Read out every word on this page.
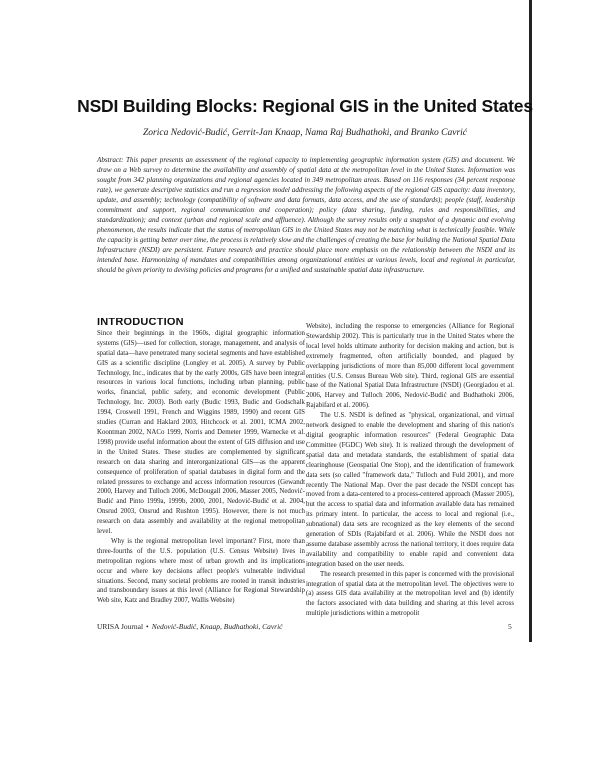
NSDI Building Blocks: Regional GIS in the United States
Zorica Nedović-Budić, Gerrit-Jan Knaap, Nama Raj Budhathoki, and Branko Cavrić
Abstract: This paper presents an assessment of the regional capacity to implementing geographic information system (GIS) and document. We draw on a Web survey to determine the availability and assembly of spatial data at the metropolitan level in the United States. Information was sought from 342 planning organizations and regional agencies located in 349 metropolitan areas. Based on 116 responses (34 percent response rate), we generate descriptive statistics and run a regression model addressing the following aspects of the regional GIS capacity: data inventory, update, and assembly; technology (compatibility of software and data formats, data access, and the use of standards); people (staff, leadership commitment and support, regional communication and cooperation); policy (data sharing, funding, rules and responsibilities, and standardization); and context (urban and regional scale and affluence). Although the survey results only a snapshot of a dynamic and evolving phenomenon, the results indicate that the status of metropolitan GIS in the United States may not be matching what is technically feasible. While the capacity is getting better over time, the process is relatively slow and the challenges of creating the base for building the National Spatial Data Infrastructure (NSDI) are persistent. Future research and practice should place more emphasis on the relationship between the NSDI and its intended base. Harmonizing of mandates and compatibilities among organizational entities at various levels, local and regional in particular, should be given priority to devising policies and programs for a unified and sustainable spatial data infrastructure.
INTRODUCTION

Since their beginnings in the 1960s, digital geographic information systems (GIS)—used for collection, storage, management, and analysis of spatial data—have penetrated many societal segments and have established GIS as a scientific discipline (Longley et al. 2005). A survey by Public Technology, Inc., indicates that by the early 2000s, GIS have been integral resources in various local functions, including urban planning, public works, financial, public safety, and economic development (Public Technology, Inc. 2003). Both early (Budic 1993, Budic and Godschalk 1994, Croswell 1991, French and Wiggins 1989, 1990) and recent GIS studies (Curran and Haklard 2003, Hitchcock et al. 2001, ICMA 2002, Koontman 2002, NACo 1999, Norris and Demeter 1999, Warnecke et al. 1998) provide useful information about the extent of GIS diffusion and use in the United States. These studies are complemented by significant research on data sharing and interorganizational GIS—as the apparent consequence of proliferation of spatial databases in digital form and the related pressures to exchange and access information resources (Gewandt 2000, Harvey and Tulloch 2006, McDougall 2006, Masser 2005, Nedović-Budić and Pinto 1999a, 1999b, 2000, 2001, Nedović-Budić et al. 2004, Onsrud 2003, Onsrud and Rushton 1995). However, there is not much research on data assembly and availability at the regional metropolitan level.

Why is the regional metropolitan level important? First, more than three-fourths of the U.S. population (U.S. Census Website) lives in metropolitan regions where most of urban growth and its implications occur and where key decisions affect people's vulnerable individual situations. Second, many societal problems are rooted in transit industries and transboundary issues at this level (Alliance for Regional Stewardship Web site, Katz and Bradley 2007, Wallis Website)

Website), including the response to emergencies (Alliance for Regional Stewardship 2002). This is particularly true in the United States where the local level holds ultimate authority for decision making and action, but is extremely fragmented, often artificially bounded, and plagued by overlapping jurisdictions of more than 85,000 different local government entities (U.S. Census Bureau Web site). Third, regional GIS are essential base of the National Spatial Data Infrastructure (NSDI) (Georgiadou et al. 2006, Harvey and Tulloch 2006, Nedović-Budić and Budhathoki 2006, Rajabifard et al. 2006).

The U.S. NSDI is defined as "physical, organizational, and virtual network designed to enable the development and sharing of this nation's digital geographic information resources" (Federal Geographic Data Committee (FGDC) Web site). It is realized through the development of spatial data and metadata standards, the establishment of spatial data clearinghouse (Geospatial One Stop), and the identification of framework data sets (so called "framework data," Tulloch and Fuld 2001), and more recently The National Map. Over the past decade the NSDI concept has moved from a data-centered to a process-centered approach (Masser 2005), but the access to spatial data and information available data has remained its primary intent. In particular, the access to local and regional (i.e., subnational) data sets are recognized as the key elements of the second generation of SDIs (Rajabifard et al. 2006). While the NSDI does not assume database assembly across the national territory, it does require data availability and compatibility to enable rapid and convenient data integration based on the user needs.

The research presented in this paper is concerned with the provisional integration of spatial data at the metropolitan level. The objectives were to (a) assess GIS data availability at the metropolitan level and (b) identify the factors associated with data building and sharing at this level across multiple jurisdictions within a metropolit

URISA Journal • Nedović-Budić, Knaap, Budhathoki, Cavrić	5
